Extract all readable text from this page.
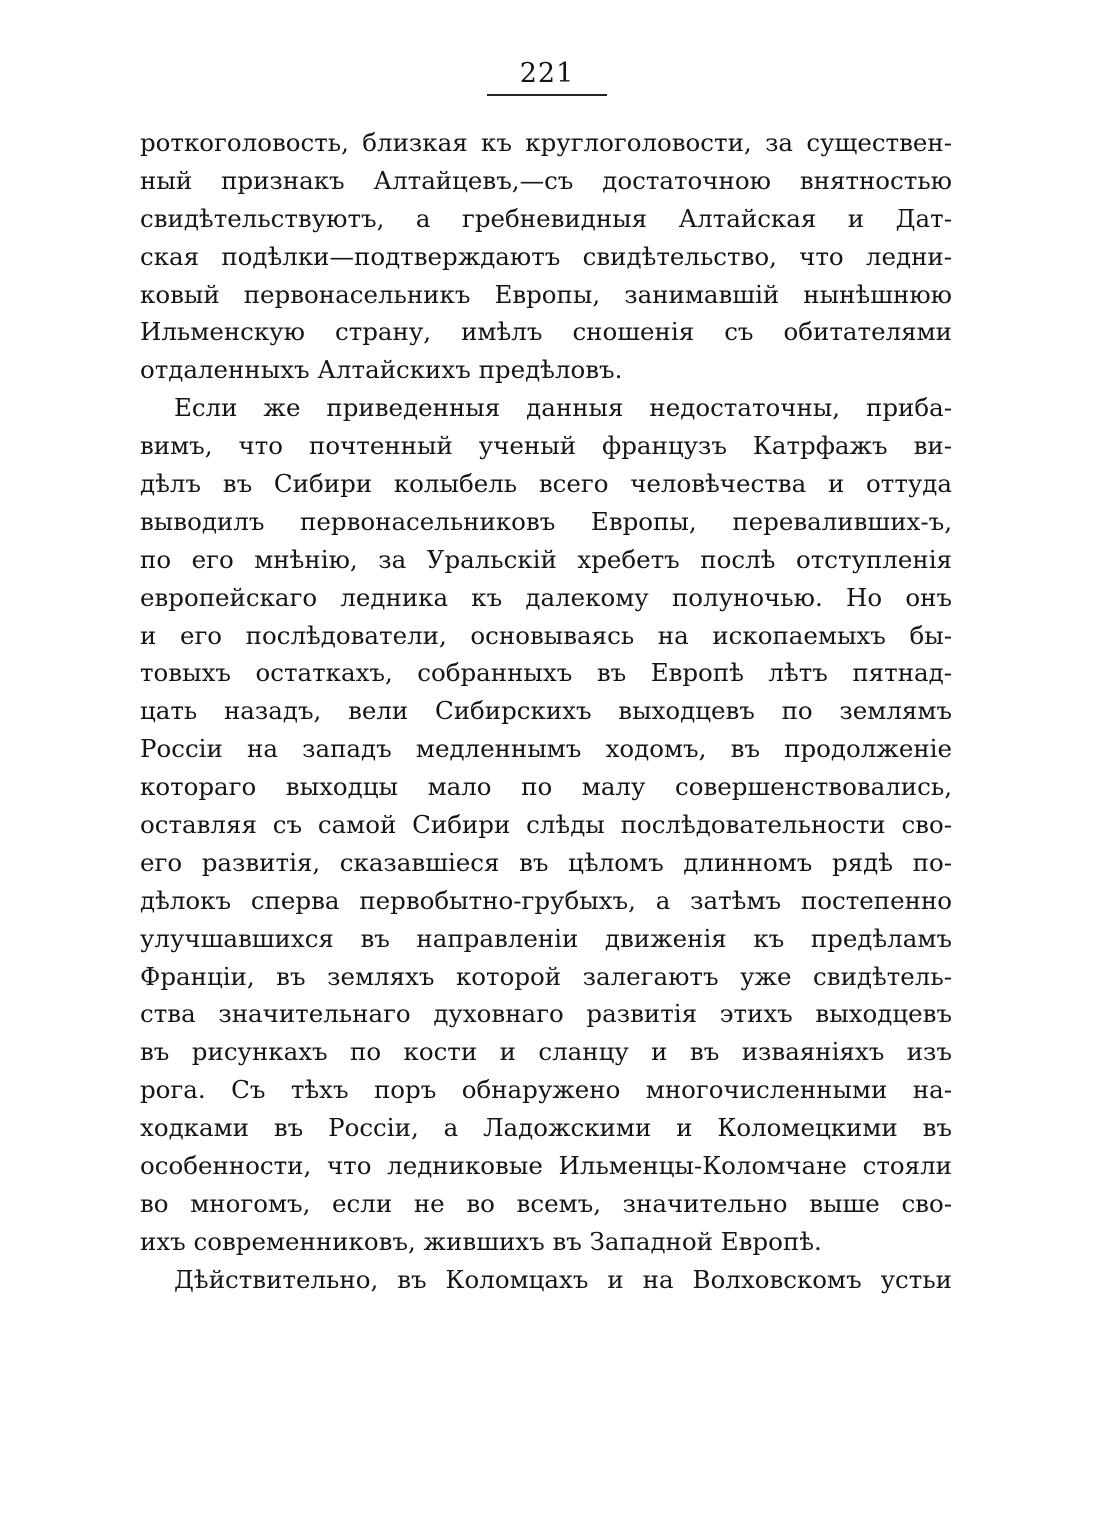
221
роткоголовость, близкая къ круглоголовости, за существен-
ный признакъ Алтайцевъ,—съ достаточною внятностью
свидѣтельствуютъ, а гребневидныя Алтайская и Дат-
ская подѣлки—подтверждаютъ свидѣтельство, что ледни-
ковый первонасельникъ Европы, занимавшiй нынѣшнюю
Ильменскую страну, имѣлъ сношенiя съ обитателями
отдаленныхъ Алтайскихъ предѣловъ.
Если же приведенныя данныя недостаточны, приба-
вимъ, что почтенный ученый французъ Катрфажъ ви-
дѣлъ въ Сибири колыбель всего человѣчества и оттуда
выводилъ первонасельниковъ Европы, переваливших-ъ,
по его мнѣнiю, за Уральскiй хребетъ послѣ отступленiя
европейскаго ледника къ далекому полуночью. Но онъ
и его послѣдователи, основываясь на ископаемыхъ бы-
товыхъ остаткахъ, собранныхъ въ Европѣ лѣтъ пятнад-
цать назадъ, вели Сибирскихъ выходцевъ по землямъ
Россiи на западъ медленнымъ ходомъ, въ продолженiе
котораго выходцы мало по малу совершенствовались,
оставляя съ самой Сибири слѣды послѣдовательности сво-
его развитiя, сказавшiеся въ цѣломъ длинномъ рядѣ по-
дѣлокъ сперва первобытно-грубыхъ, а затѣмъ постепенно
улучшавшихся въ направленiи движенiя къ предѣламъ
Францiи, въ земляхъ которой залегаютъ уже свидѣтель-
ства значительнаго духовнаго развитiя этихъ выходцевъ
въ рисункахъ по кости и сланцу и въ изваянiяхъ изъ
рога. Съ тѣхъ поръ обнаружено многочисленными на-
ходками въ Россiи, а Ладожскими и Коломецкими въ
особенности, что ледниковые Ильменцы-Коломчане стояли
во многомъ, если не во всемъ, значительно выше сво-
ихъ современниковъ, жившихъ въ Западной Европѣ.
Дѣйствительно, въ Коломцахъ и на Волховскомъ устьи
